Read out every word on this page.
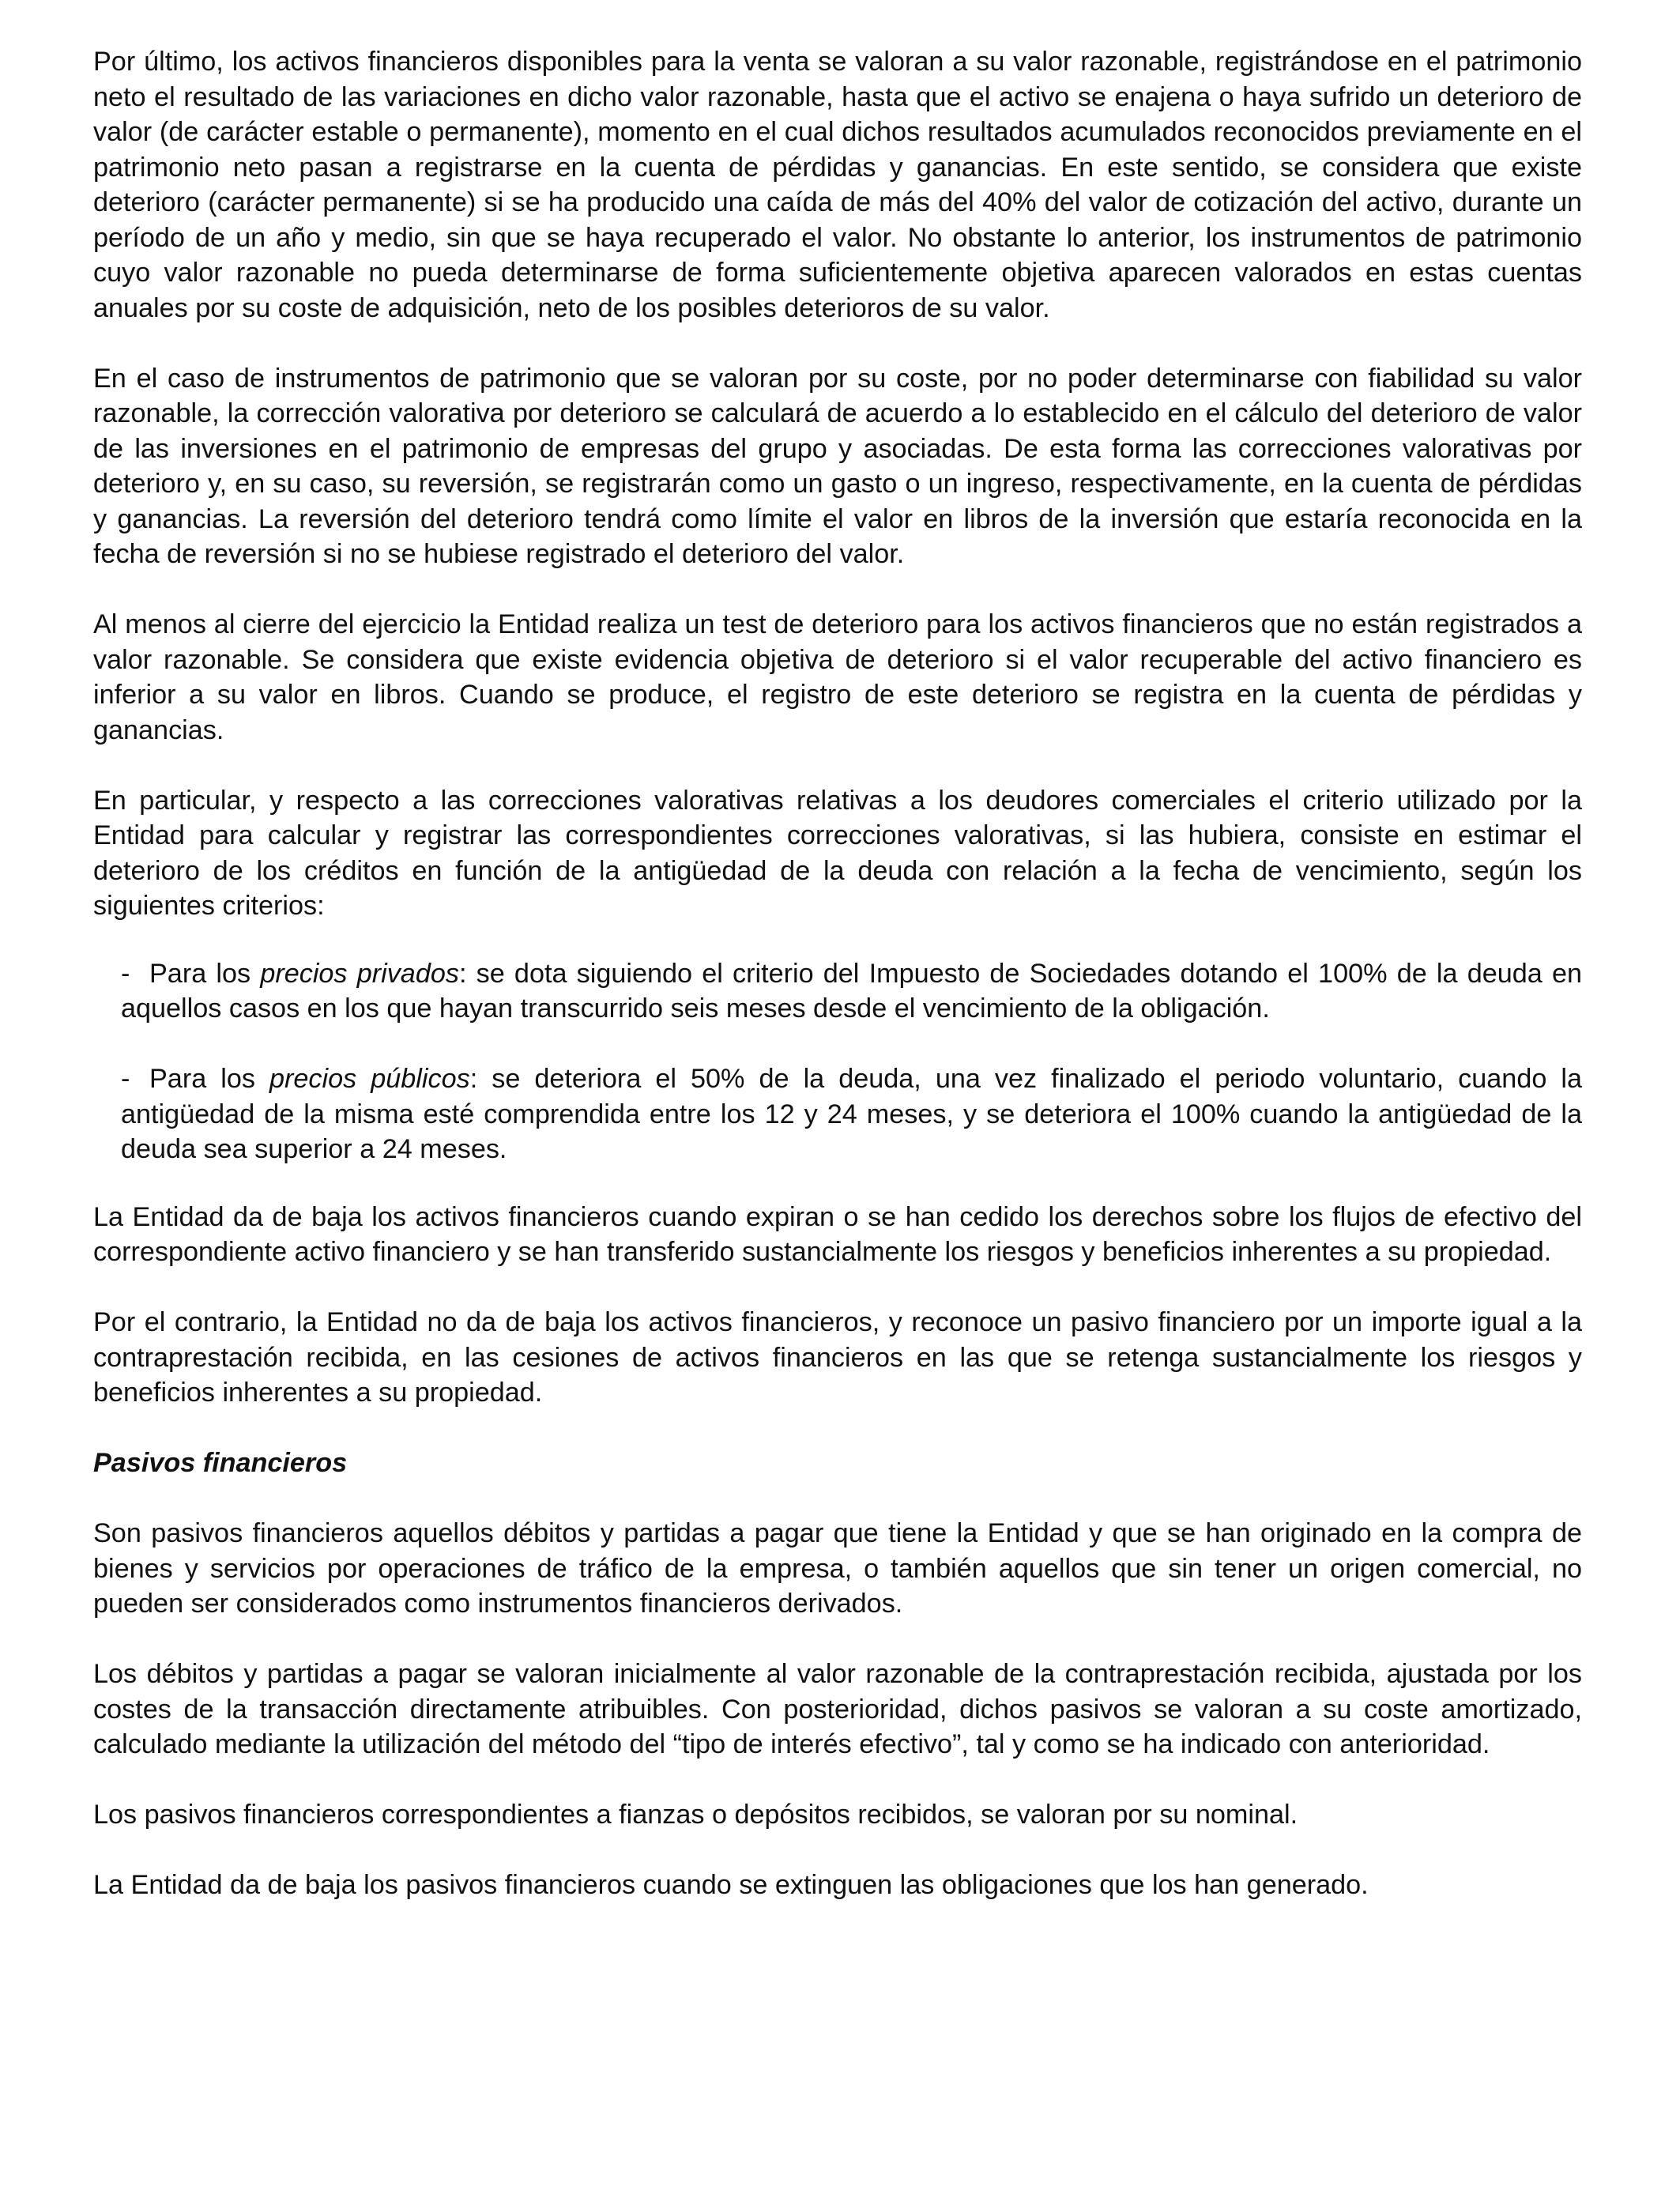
Por último, los activos financieros disponibles para la venta se valoran a su valor razonable, registrándose en el patrimonio neto el resultado de las variaciones en dicho valor razonable, hasta que el activo se enajena o haya sufrido un deterioro de valor (de carácter estable o permanente), momento en el cual dichos resultados acumulados reconocidos previamente en el patrimonio neto pasan a registrarse en la cuenta de pérdidas y ganancias. En este sentido, se considera que existe deterioro (carácter permanente) si se ha producido una caída de más del 40% del valor de cotización del activo, durante un período de un año y medio, sin que se haya recuperado el valor. No obstante lo anterior, los instrumentos de patrimonio cuyo valor razonable no pueda determinarse de forma suficientemente objetiva aparecen valorados en estas cuentas anuales por su coste de adquisición, neto de los posibles deterioros de su valor.

En el caso de instrumentos de patrimonio que se valoran por su coste, por no poder determinarse con fiabilidad su valor razonable, la corrección valorativa por deterioro se calculará de acuerdo a lo establecido en el cálculo del deterioro de valor de las inversiones en el patrimonio de empresas del grupo y asociadas. De esta forma las correcciones valorativas por deterioro y, en su caso, su reversión, se registrarán como un gasto o un ingreso, respectivamente, en la cuenta de pérdidas y ganancias. La reversión del deterioro tendrá como límite el valor en libros de la inversión que estaría reconocida en la fecha de reversión si no se hubiese registrado el deterioro del valor.

Al menos al cierre del ejercicio la Entidad realiza un test de deterioro para los activos financieros que no están registrados a valor razonable. Se considera que existe evidencia objetiva de deterioro si el valor recuperable del activo financiero es inferior a su valor en libros. Cuando se produce, el registro de este deterioro se registra en la cuenta de pérdidas y ganancias.

En particular, y respecto a las correcciones valorativas relativas a los deudores comerciales el criterio utilizado por la Entidad para calcular y registrar las correspondientes correcciones valorativas, si las hubiera, consiste en estimar el deterioro de los créditos en función de la antigüedad de la deuda con relación a la fecha de vencimiento, según los siguientes criterios:

- Para los precios privados: se dota siguiendo el criterio del Impuesto de Sociedades dotando el 100% de la deuda en aquellos casos en los que hayan transcurrido seis meses desde el vencimiento de la obligación.

- Para los precios públicos: se deteriora el 50% de la deuda, una vez finalizado el periodo voluntario, cuando la antigüedad de la misma esté comprendida entre los 12 y 24 meses, y se deteriora el 100% cuando la antigüedad de la deuda sea superior a 24 meses.

La Entidad da de baja los activos financieros cuando expiran o se han cedido los derechos sobre los flujos de efectivo del correspondiente activo financiero y se han transferido sustancialmente los riesgos y beneficios inherentes a su propiedad.

Por el contrario, la Entidad no da de baja los activos financieros, y reconoce un pasivo financiero por un importe igual a la contraprestación recibida, en las cesiones de activos financieros en las que se retenga sustancialmente los riesgos y beneficios inherentes a su propiedad.

Pasivos financieros

Son pasivos financieros aquellos débitos y partidas a pagar que tiene la Entidad y que se han originado en la compra de bienes y servicios por operaciones de tráfico de la empresa, o también aquellos que sin tener un origen comercial, no pueden ser considerados como instrumentos financieros derivados.

Los débitos y partidas a pagar se valoran inicialmente al valor razonable de la contraprestación recibida, ajustada por los costes de la transacción directamente atribuibles. Con posterioridad, dichos pasivos se valoran a su coste amortizado, calculado mediante la utilización del método del “tipo de interés efectivo”, tal y como se ha indicado con anterioridad.

Los pasivos financieros correspondientes a fianzas o depósitos recibidos, se valoran por su nominal.

La Entidad da de baja los pasivos financieros cuando se extinguen las obligaciones que los han generado.
